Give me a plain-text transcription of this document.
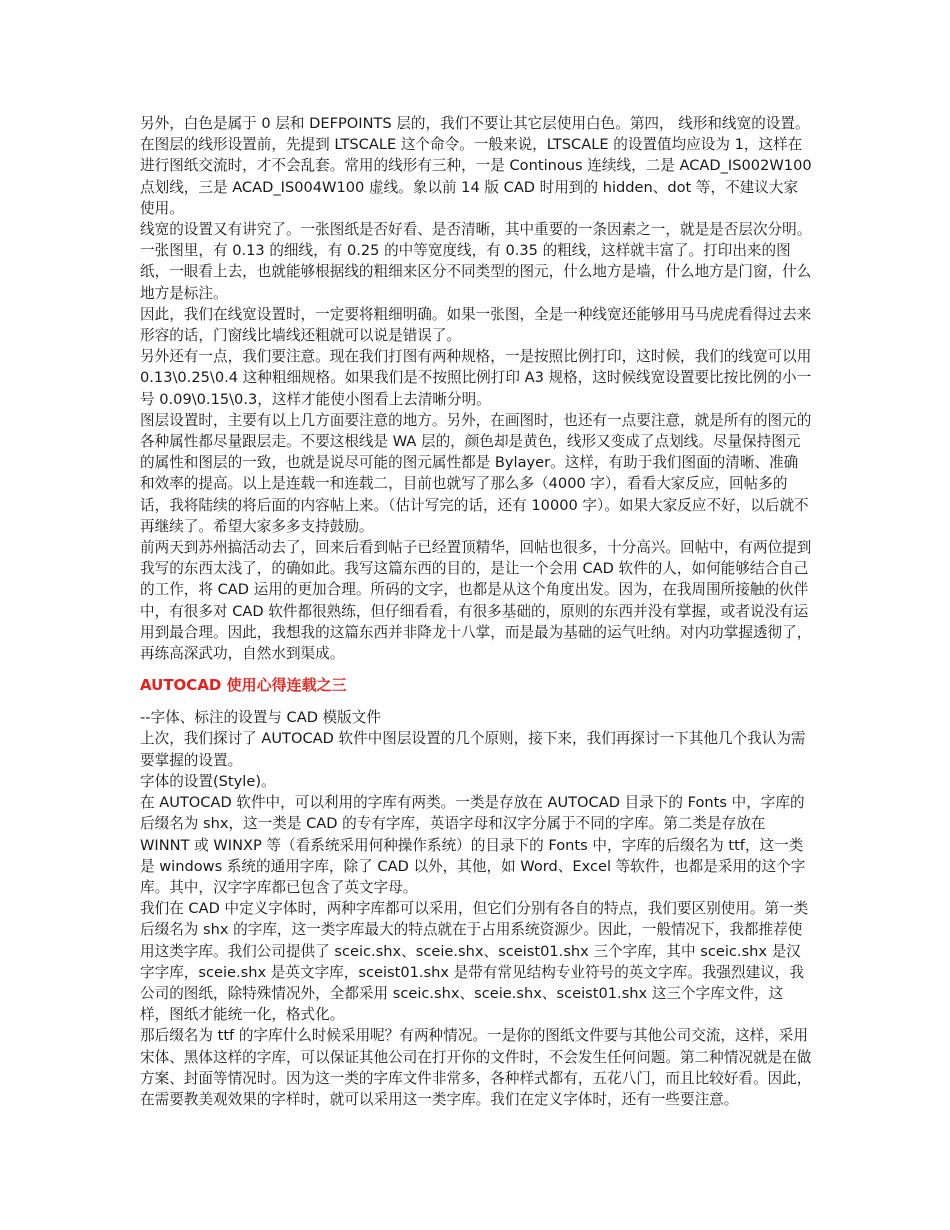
另外，白色是属于 0 层和 DEFPOINTS 层的，我们不要让其它层使用白色。第四， 线形和线宽的设置。

在图层的线形设置前，先提到 LTSCALE 这个命令。一般来说，LTSCALE 的设置值均应设为 1，这样在进行图纸交流时，才不会乱套。常用的线形有三种，一是 Continous 连续线，二是 ACAD_IS002W100 点划线，三是 ACAD_IS004W100 虚线。象以前 14 版 CAD 时用到的 hidden、dot 等，不建议大家使用。

线宽的设置又有讲究了。一张图纸是否好看、是否清晰，其中重要的一条因素之一，就是是否层次分明。一张图里，有 0.13 的细线，有 0.25 的中等宽度线，有 0.35 的粗线，这样就丰富了。打印出来的图纸，一眼看上去，也就能够根据线的粗细来区分不同类型的图元，什么地方是墙，什么地方是门窗，什么地方是标注。

因此，我们在线宽设置时，一定要将粗细明确。如果一张图，全是一种线宽还能够用马马虎虎看得过去来形容的话，门窗线比墙线还粗就可以说是错误了。

另外还有一点，我们要注意。现在我们打图有两种规格，一是按照比例打印，这时候，我们的线宽可以用 0.13\0.25\0.4 这种粗细规格。如果我们是不按照比例打印 A3 规格，这时候线宽设置要比按比例的小一号 0.09\0.15\0.3，这样才能使小图看上去清晰分明。

图层设置时，主要有以上几方面要注意的地方。另外，在画图时，也还有一点要注意，就是所有的图元的各种属性都尽量跟层走。不要这根线是 WA 层的，颜色却是黄色，线形又变成了点划线。尽量保持图元的属性和图层的一致，也就是说尽可能的图元属性都是 Bylayer。这样，有助于我们图面的清晰、准确和效率的提高。以上是连载一和连载二，目前也就写了那么多（4000 字），看看大家反应，回帖多的话，我将陆续的将后面的内容帖上来。（估计写完的话，还有 10000 字）。如果大家反应不好，以后就不再继续了。希望大家多多支持鼓励。

前两天到苏州搞活动去了，回来后看到帖子已经置顶精华，回帖也很多，十分高兴。回帖中，有两位提到我写的东西太浅了，的确如此。我写这篇东西的目的，是让一个会用 CAD 软件的人，如何能够结合自己的工作，将 CAD 运用的更加合理。所码的文字，也都是从这个角度出发。因为，在我周围所接触的伙伴中，有很多对 CAD 软件都很熟练，但仔细看看，有很多基础的，原则的东西并没有掌握，或者说没有运用到最合理。因此，我想我的这篇东西并非降龙十八掌，而是最为基础的运气吐纳。对内功掌握透彻了，再练高深武功，自然水到渠成。

AUTOCAD 使用心得连载之三

--字体、标注的设置与 CAD 模版文件

上次，我们探讨了 AUTOCAD 软件中图层设置的几个原则，接下来，我们再探讨一下其他几个我认为需要掌握的设置。

字体的设置(Style)。

在 AUTOCAD 软件中，可以利用的字库有两类。一类是存放在 AUTOCAD 目录下的 Fonts 中，字库的后缀名为 shx，这一类是 CAD 的专有字库，英语字母和汉字分属于不同的字库。第二类是存放在 WINNT 或 WINXP 等（看系统采用何种操作系统）的目录下的 Fonts 中，字库的后缀名为 ttf，这一类是 windows 系统的通用字库，除了 CAD 以外，其他，如 Word、Excel 等软件，也都是采用的这个字库。其中，汉字字库都已包含了英文字母。

我们在 CAD 中定义字体时，两种字库都可以采用，但它们分别有各自的特点，我们要区别使用。第一类后缀名为 shx 的字库，这一类字库最大的特点就在于占用系统资源少。因此，一般情况下，我都推荐使用这类字库。我们公司提供了 sceic.shx、sceie.shx、sceist01.shx 三个字库，其中 sceic.shx 是汉字字库，sceie.shx 是英文字库，sceist01.shx 是带有常见结构专业符号的英文字库。我强烈建议，我公司的图纸，除特殊情况外，全都采用 sceic.shx、sceie.shx、sceist01.shx 这三个字库文件，这样，图纸才能统一化，格式化。

那后缀名为 ttf 的字库什么时候采用呢？有两种情况。一是你的图纸文件要与其他公司交流，这样，采用宋体、黑体这样的字库，可以保证其他公司在打开你的文件时，不会发生任何问题。第二种情况就是在做方案、封面等情况时。因为这一类的字库文件非常多，各种样式都有，五花八门，而且比较好看。因此，在需要教美观效果的字样时，就可以采用这一类字库。我们在定义字体时，还有一些要注意。
